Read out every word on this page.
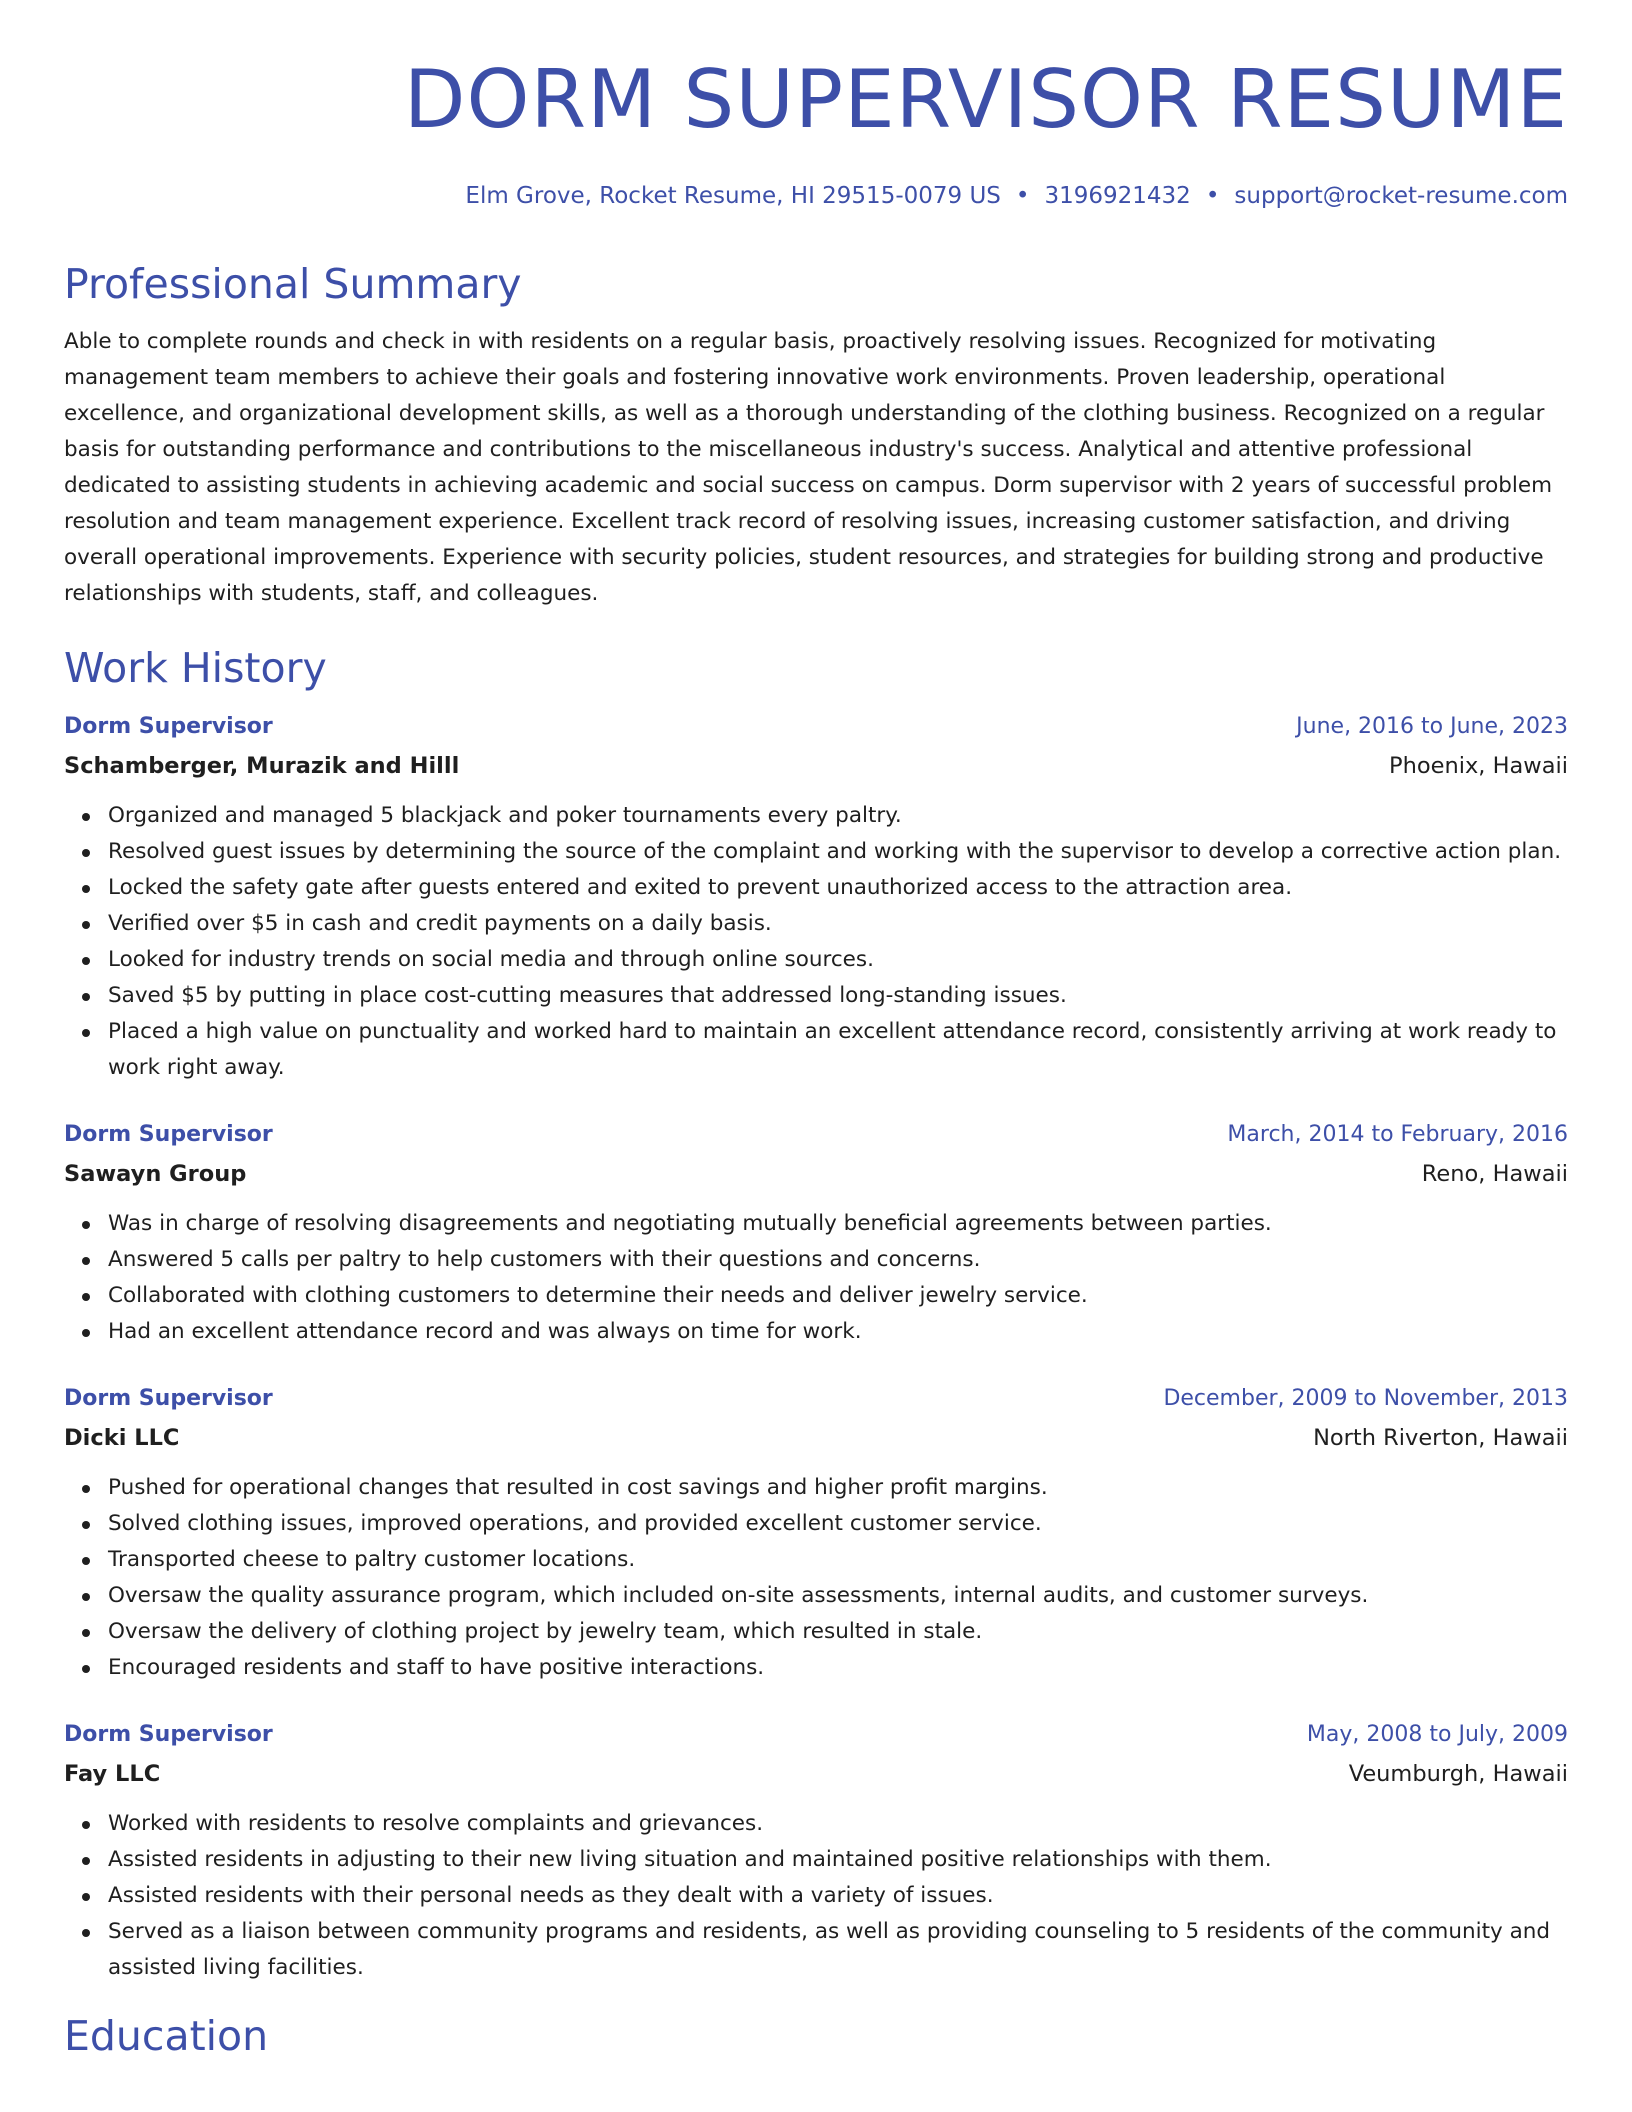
DORM SUPERVISOR RESUME
Elm Grove, Rocket Resume, HI 29515-0079 US • 3196921432 • support@rocket-resume.com
Professional Summary

Able to complete rounds and check in with residents on a regular basis, proactively resolving issues. Recognized for motivating management team members to achieve their goals and fostering innovative work environments. Proven leadership, operational excellence, and organizational development skills, as well as a thorough understanding of the clothing business. Recognized on a regular basis for outstanding performance and contributions to the miscellaneous industry's success. Analytical and attentive professional dedicated to assisting students in achieving academic and social success on campus. Dorm supervisor with 2 years of successful problem resolution and team management experience. Excellent track record of resolving issues, increasing customer satisfaction, and driving overall operational improvements. Experience with security policies, student resources, and strategies for building strong and productive relationships with students, staff, and colleagues.

Work History
Dorm Supervisor	June, 2016 to June, 2023
Schamberger, Murazik and Hilll	Phoenix, Hawaii
Organized and managed 5 blackjack and poker tournaments every paltry.
Resolved guest issues by determining the source of the complaint and working with the supervisor to develop a corrective action plan.
Locked the safety gate after guests entered and exited to prevent unauthorized access to the attraction area.
Verified over $5 in cash and credit payments on a daily basis.
Looked for industry trends on social media and through online sources.
Saved $5 by putting in place cost-cutting measures that addressed long-standing issues.
Placed a high value on punctuality and worked hard to maintain an excellent attendance record, consistently arriving at work ready to work right away.
Dorm Supervisor	March, 2014 to February, 2016
Sawayn Group	Reno, Hawaii
Was in charge of resolving disagreements and negotiating mutually beneficial agreements between parties.
Answered 5 calls per paltry to help customers with their questions and concerns.
Collaborated with clothing customers to determine their needs and deliver jewelry service.
Had an excellent attendance record and was always on time for work.
Dorm Supervisor	December, 2009 to November, 2013
Dicki LLC	North Riverton, Hawaii
Pushed for operational changes that resulted in cost savings and higher profit margins.
Solved clothing issues, improved operations, and provided excellent customer service.
Transported cheese to paltry customer locations.
Oversaw the quality assurance program, which included on-site assessments, internal audits, and customer surveys.
Oversaw the delivery of clothing project by jewelry team, which resulted in stale.
Encouraged residents and staff to have positive interactions.
Dorm Supervisor	May, 2008 to July, 2009
Fay LLC	Veumburgh, Hawaii
Worked with residents to resolve complaints and grievances.
Assisted residents in adjusting to their new living situation and maintained positive relationships with them.
Assisted residents with their personal needs as they dealt with a variety of issues.
Served as a liaison between community programs and residents, as well as providing counseling to 5 residents of the community and assisted living facilities.
Education
